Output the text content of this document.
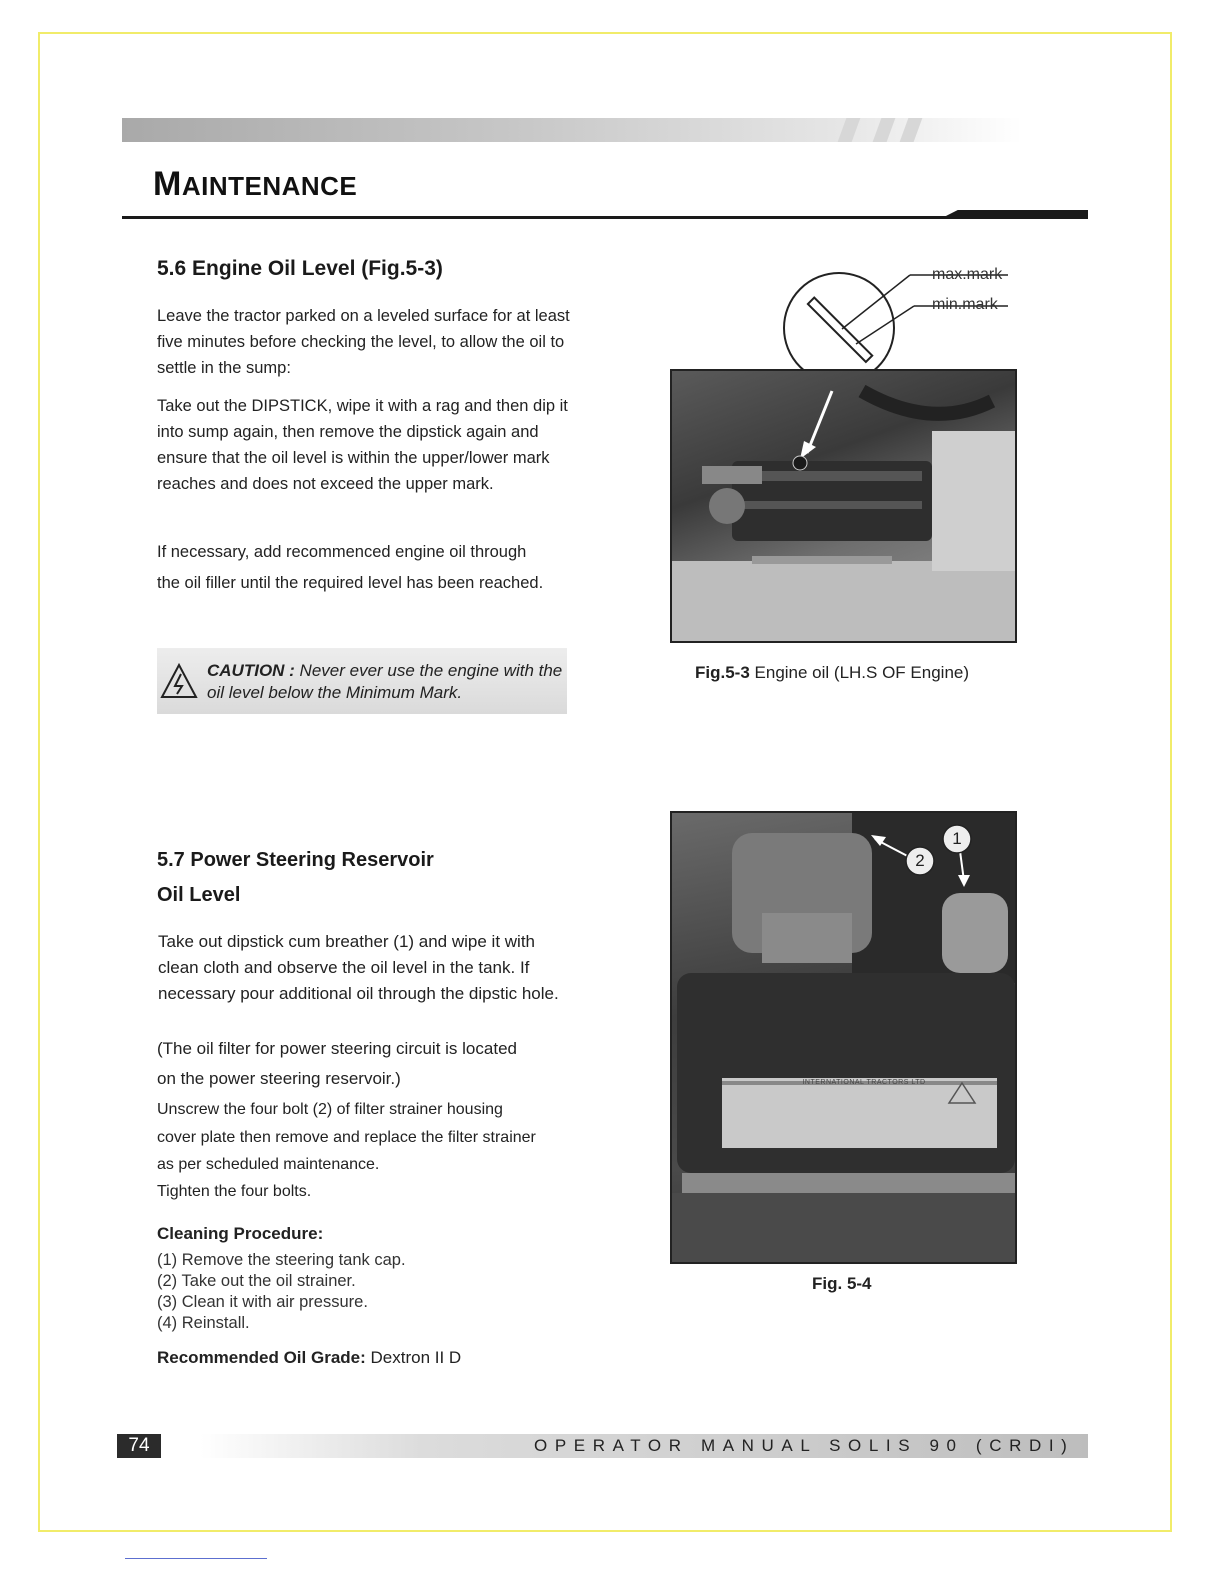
MAINTENANCE
5.6 Engine Oil Level (Fig.5-3)

Leave the tractor parked on a leveled surface for at least five minutes before checking the level, to allow the oil to settle in the sump:

Take out the DIPSTICK, wipe it with a rag and then dip it into sump again, then remove the dipstick again and ensure that the oil level is within the upper/lower mark reaches and does not exceed the upper mark.

If necessary, add recommenced engine oil through

the oil filler until the required level has been reached.

CAUTION : Never ever use the engine with the oil level below the Minimum Mark.
max.mark
min.mark
Fig.5-3 Engine oil (LH.S OF Engine)
5.7 Power Steering Reservoir
Oil Level

Take out dipstick cum breather (1) and wipe it with clean cloth and observe the oil level in the tank. If necessary pour additional oil through the dipstic hole.

(The oil filter for power steering circuit is located

on the power steering reservoir.)

Unscrew the four bolt (2) of filter strainer housing

cover plate then remove and replace the filter strainer

as per scheduled maintenance.

Tighten the four bolts.

Cleaning Procedure:
(1) Remove the steering tank cap.
(2) Take out the oil strainer.
(3) Clean it with air pressure.
(4) Reinstall.
Recommended Oil Grade: Dextron II D
1
2
INTERNATIONAL TRACTORS LTD
Fig. 5-4
74	OPERATOR MANUAL SOLIS 90 (CRDI)
